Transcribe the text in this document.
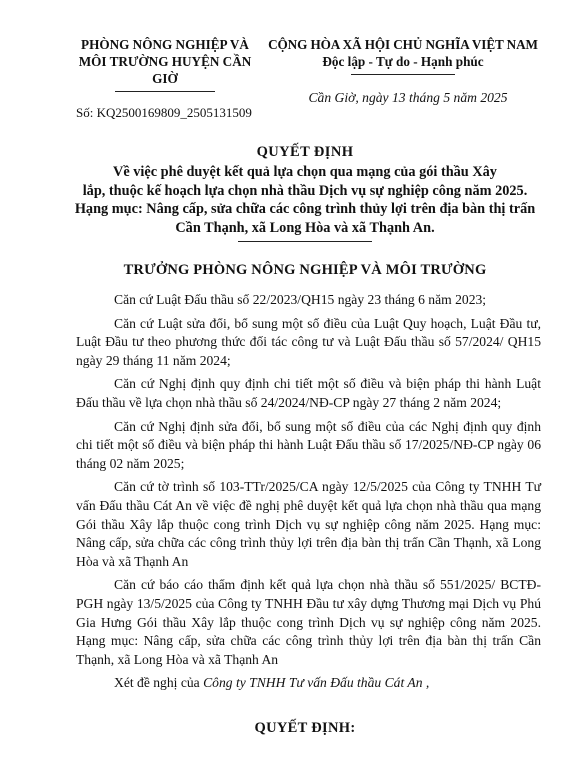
PHÒNG NÔNG NGHIỆP VÀ
MÔI TRƯỜNG HUYỆN CẦN
GIỜ
CỘNG HÒA XÃ HỘI CHỦ NGHĨA VIỆT NAM
Độc lập - Tự do - Hạnh phúc
Cần Giờ, ngày 13 tháng 5 năm 2025
Số: KQ2500169809_2505131509
QUYẾT ĐỊNH
Về việc phê duyệt kết quả lựa chọn qua mạng của gói thầu Xây
lắp, thuộc kế hoạch lựa chọn nhà thầu Dịch vụ sự nghiệp công năm 2025.
Hạng mục: Nâng cấp, sửa chữa các công trình thủy lợi trên địa bàn thị trấn
Cần Thạnh, xã Long Hòa và xã Thạnh An.
TRƯỞNG PHÒNG NÔNG NGHIỆP VÀ MÔI TRƯỜNG

Căn cứ Luật Đấu thầu số 22/2023/QH15 ngày 23 tháng 6 năm 2023;

Căn cứ Luật sửa đổi, bổ sung một số điều của Luật Quy hoạch, Luật Đầu tư, Luật Đầu tư theo phương thức đối tác công tư và Luật Đấu thầu số 57/2024/ QH15 ngày 29 tháng 11 năm 2024;

Căn cứ Nghị định quy định chi tiết một số điều và biện pháp thi hành Luật Đấu thầu về lựa chọn nhà thầu số 24/2024/NĐ-CP ngày 27 tháng 2 năm 2024;

Căn cứ Nghị định sửa đổi, bổ sung một số điều của các Nghị định quy định chi tiết một số điều và biện pháp thi hành Luật Đấu thầu số 17/2025/NĐ-CP ngày 06 tháng 02 năm 2025;

Căn cứ tờ trình số 103-TTr/2025/CA ngày 12/5/2025 của Công ty TNHH Tư vấn Đấu thầu Cát An về việc đề nghị phê duyệt kết quả lựa chọn nhà thầu qua mạng Gói thầu Xây lắp thuộc cong trình Dịch vụ sự nghiệp công năm 2025. Hạng mục: Nâng cấp, sửa chữa các công trình thủy lợi trên địa bàn thị trấn Cần Thạnh, xã Long Hòa và xã Thạnh An

Căn cứ báo cáo thẩm định kết quả lựa chọn nhà thầu số 551/2025/ BCTĐ-PGH ngày 13/5/2025 của Công ty TNHH Đầu tư xây dựng Thương mại Dịch vụ Phú Gia Hưng Gói thầu Xây lắp thuộc cong trình Dịch vụ sự nghiệp công năm 2025. Hạng mục: Nâng cấp, sửa chữa các công trình thủy lợi trên địa bàn thị trấn Cần Thạnh, xã Long Hòa và xã Thạnh An

Xét đề nghị của Công ty TNHH Tư vấn Đấu thầu Cát An ,

QUYẾT ĐỊNH:
